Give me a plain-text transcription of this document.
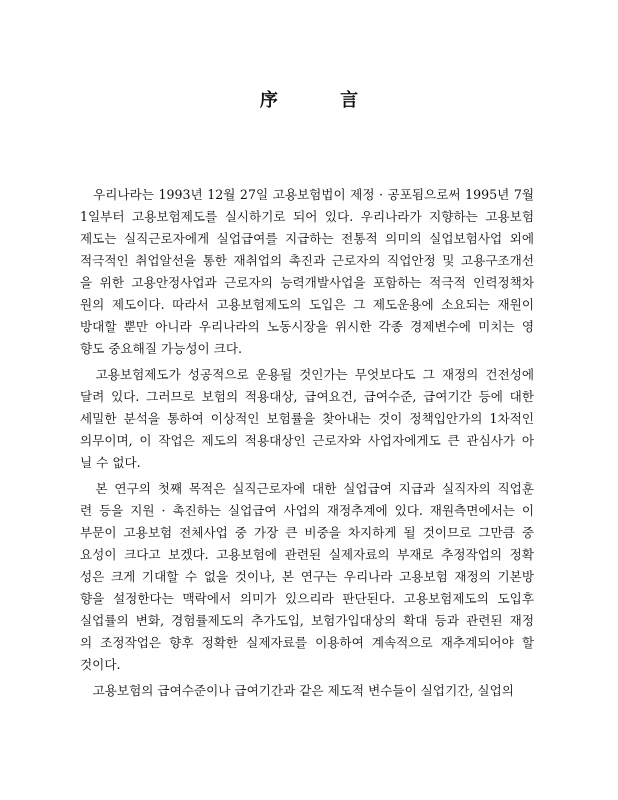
序 言
　우리나라는 1993년 12월 27일 고용보험법이 제정 · 공포됨으로써 1995년 7월
1일부터 고용보험제도를 실시하기로 되어 있다. 우리나라가 지향하는 고용보험
제도는 실직근로자에게 실업급여를 지급하는 전통적 의미의 실업보험사업 외에
적극적인 취업알선을 통한 재취업의 촉진과 근로자의 직업안정 및 고용구조개선
을 위한 고용안정사업과 근로자의 능력개발사업을 포함하는 적극적 인력정책차
원의 제도이다. 따라서 고용보험제도의 도입은 그 제도운용에 소요되는 재원이
방대할 뿐만 아니라 우리나라의 노동시장을 위시한 각종 경제변수에 미치는 영
향도 중요해질 가능성이 크다.
　고용보험제도가 성공적으로 운용될 것인가는 무엇보다도 그 재정의 건전성에
달려 있다. 그러므로 보험의 적용대상, 급여요건, 급여수준, 급여기간 등에 대한
세밀한 분석을 통하여 이상적인 보험률을 찾아내는 것이 정책입안가의 1차적인
의무이며, 이 작업은 제도의 적용대상인 근로자와 사업자에게도 큰 관심사가 아
닐 수 없다.
　본 연구의 첫째 목적은 실직근로자에 대한 실업급여 지급과 실직자의 직업훈
련 등을 지원 · 촉진하는 실업급여 사업의 재정추계에 있다. 재원측면에서는 이
부문이 고용보험 전체사업 중 가장 큰 비중을 차지하게 될 것이므로 그만큼 중
요성이 크다고 보겠다. 고용보험에 관련된 실제자료의 부재로 추정작업의 정확
성은 크게 기대할 수 없을 것이나, 본 연구는 우리나라 고용보험 재정의 기본방
향을 설정한다는 맥락에서 의미가 있으리라 판단된다. 고용보험제도의 도입후
실업률의 변화, 경험률제도의 추가도입, 보험가입대상의 확대 등과 관련된 재정
의 조정작업은 향후 정확한 실제자료를 이용하여 계속적으로 재추계되어야 할
것이다.
　고용보험의 급여수준이나 급여기간과 같은 제도적 변수들이 실업기간, 실업의
